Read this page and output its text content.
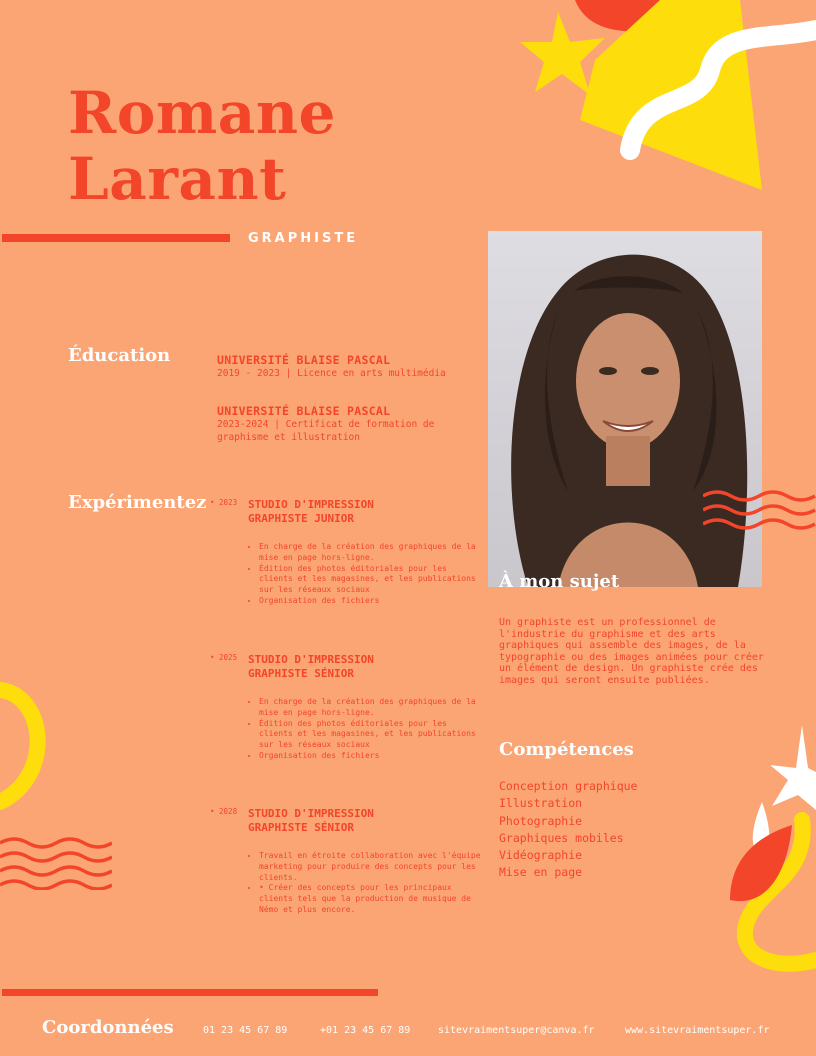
Romane
Larant
GRAPHISTE
Éducation	UNIVERSITÉ BLAISE PASCAL
2019 - 2023 | Licence en arts multimédia
UNIVERSITÉ BLAISE PASCAL
2023-2024 | Certificat de formation de graphisme et illustration
Expérimentez • 2023 STUDIO D'IMPRESSION
GRAPHISTE JUNIOR
• En charge de la création des graphiques de la mise en page hors-ligne.
• Édition des photos éditoriales pour les clients et les magasines, et les publications sur les réseaux sociaux
• Organisation des fichiers
• 2025 STUDIO D'IMPRESSION
GRAPHISTE SÉNIOR
• En charge de la création des graphiques de la mise en page hors-ligne.
• Édition des photos éditoriales pour les clients et les magasines, et les publications sur les réseaux sociaux
• Organisation des fichiers
• 2028 STUDIO D'IMPRESSION
GRAPHISTE SÉNIOR
• Travail en étroite collaboration avec l'équipe marketing pour produire des concepts pour les clients.
• • Créer des concepts pour les principaux clients tels que la production de musique de Némo et plus encore.
À mon sujet
Un graphiste est un professionnel de l'industrie du graphisme et des arts graphiques qui assemble des images, de la typographie ou des images animées pour créer un élément de design. Un graphiste crée des images qui seront ensuite publiées.
Compétences
Conception graphique
Illustration
Photographie
Graphiques mobiles
Vidéographie
Mise en page
Coordonnées	01 23 45 67 89	+01 23 45 67 89	sitevraimentsuper@canva.fr	www.sitevraimentsuper.fr
